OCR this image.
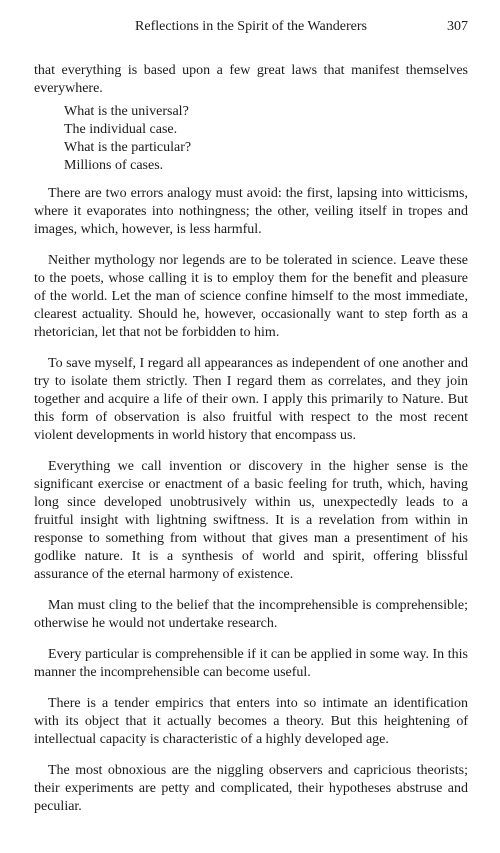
Reflections in the Spirit of the Wanderers	307

that everything is based upon a few great laws that manifest themselves everywhere.

What is the universal?
The individual case.
What is the particular?
Millions of cases.

There are two errors analogy must avoid: the first, lapsing into witticisms, where it evaporates into nothingness; the other, veiling itself in tropes and images, which, however, is less harmful.

Neither mythology nor legends are to be tolerated in science. Leave these to the poets, whose calling it is to employ them for the benefit and pleasure of the world. Let the man of science confine himself to the most immediate, clearest actuality. Should he, however, occasionally want to step forth as a rhetorician, let that not be forbidden to him.

To save myself, I regard all appearances as independent of one another and try to isolate them strictly. Then I regard them as correlates, and they join together and acquire a life of their own. I apply this primarily to Nature. But this form of observation is also fruitful with respect to the most recent violent developments in world history that encompass us.

Everything we call invention or discovery in the higher sense is the significant exercise or enactment of a basic feeling for truth, which, having long since developed unobtrusively within us, unexpectedly leads to a fruitful insight with lightning swiftness. It is a revelation from within in response to something from without that gives man a presentiment of his godlike nature. It is a synthesis of world and spirit, offering blissful assurance of the eternal harmony of existence.

Man must cling to the belief that the incomprehensible is comprehensible; otherwise he would not undertake research.

Every particular is comprehensible if it can be applied in some way. In this manner the incomprehensible can become useful.

There is a tender empirics that enters into so intimate an identification with its object that it actually becomes a theory. But this heightening of intellectual capacity is characteristic of a highly developed age.

The most obnoxious are the niggling observers and capricious theorists; their experiments are petty and complicated, their hypotheses abstruse and peculiar.
